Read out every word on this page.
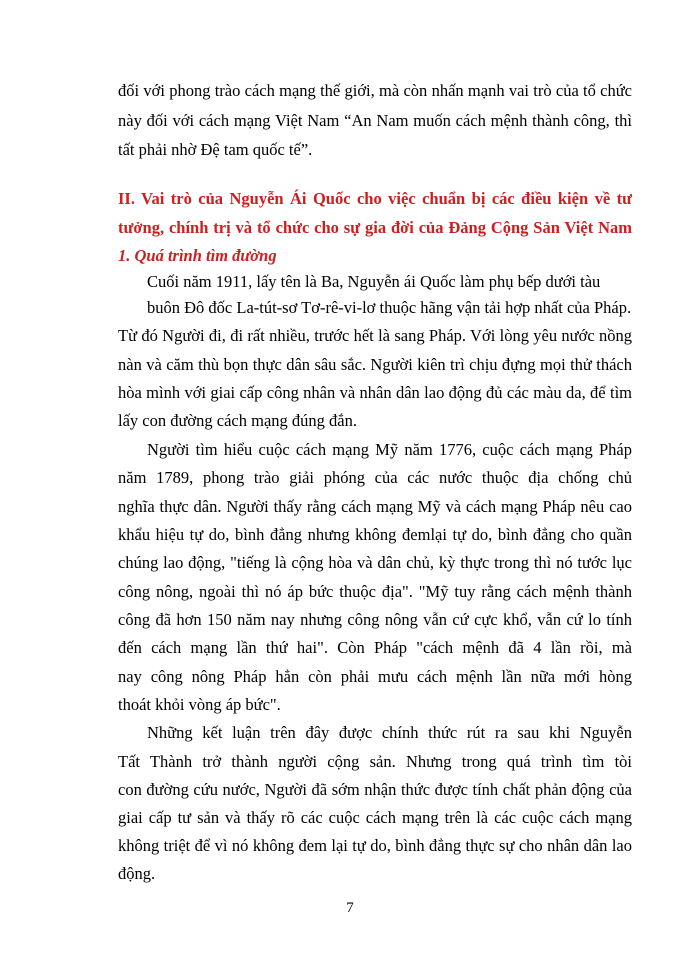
đối với phong trào cách mạng thế giới, mà còn nhấn mạnh vai trò của tổ chức
này đối với cách mạng Việt Nam “An Nam muốn cách mệnh thành công, thì
tất phải nhờ Đệ tam quốc tế”.
II. Vai trò của Nguyễn Ái Quốc cho việc chuẩn bị các điều kiện về tư
tưởng, chính trị và tổ chức cho sự gia đời của Đảng Cộng Sản Việt Nam
1. Quá trình tìm đường
Cuối năm 1911, lấy tên là Ba, Nguyễn ái Quốc làm phụ bếp dưới tàu
buôn Đô đốc La-tút-sơ Tơ-rê-vi-lơ thuộc hãng vận tải hợp nhất của Pháp.
Từ đó Người đi, đi rất nhiều, trước hết là sang Pháp. Với lòng yêu nước nồng
nàn và căm thù bọn thực dân sâu sắc. Người kiên trì chịu đựng mọi thử thách
hòa mình với giai cấp công nhân và nhân dân lao động đủ các màu da, để tìm
lấy con đường cách mạng đúng đắn.
Người tìm hiểu cuộc cách mạng Mỹ năm 1776, cuộc cách mạng Pháp
năm 1789, phong trào giải phóng của các nước thuộc địa chống chủ
nghĩa thực dân. Người thấy rằng cách mạng Mỹ và cách mạng Pháp nêu cao
khẩu hiệu tự do, bình đẳng nhưng không đemlại tự do, bình đẳng cho quần
chúng lao động, "tiếng là cộng hòa và dân chủ, kỳ thực trong thì nó tước lục
công nông, ngoài thì nó áp bức thuộc địa". "Mỹ tuy rằng cách mệnh thành
công đã hơn 150 năm nay nhưng công nông vẫn cứ cực khổ, vẫn cứ lo tính
đến cách mạng lần thứ hai". Còn Pháp "cách mệnh đã 4 lần rồi, mà
nay công nông Pháp hẳn còn phải mưu cách mệnh lần nữa mới hòng
thoát khỏi vòng áp bức".
Những kết luận trên đây được chính thức rút ra sau khi Nguyễn
Tất Thành trở thành người cộng sản. Nhưng trong quá trình tìm tòi
con đường cứu nước, Người đã sớm nhận thức được tính chất phản động của
giai cấp tư sản và thấy rõ các cuộc cách mạng trên là các cuộc cách mạng
không triệt để vì nó không đem lại tự do, bình đẳng thực sự cho nhân dân lao
động.
7
